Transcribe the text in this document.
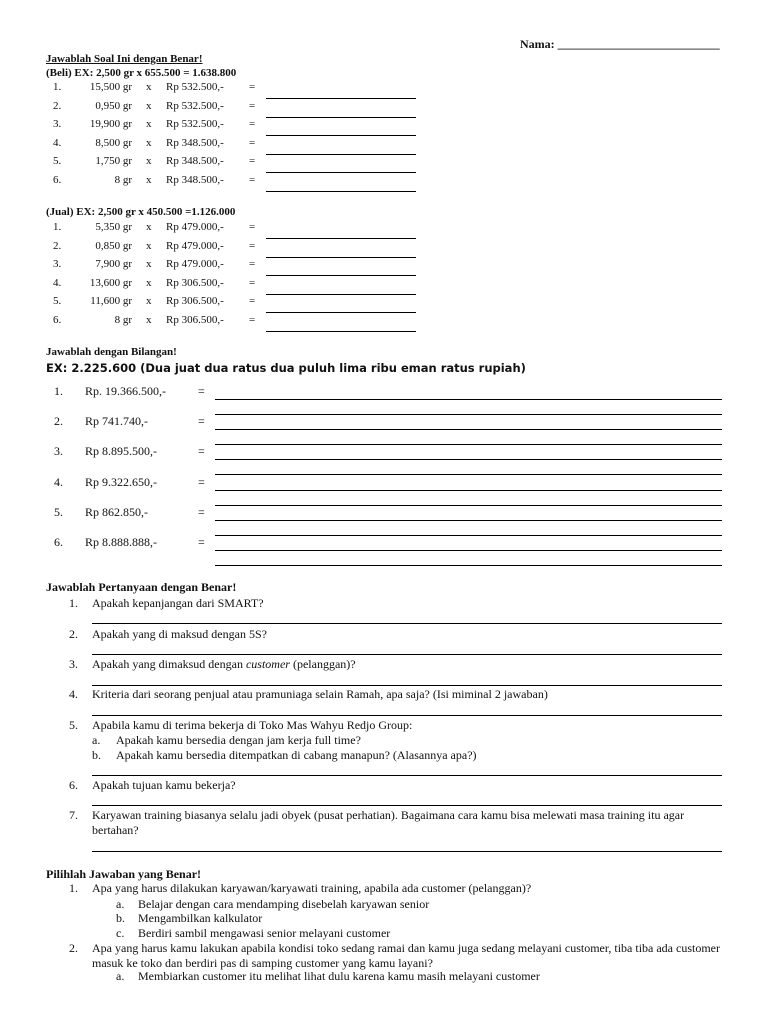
Nama: ___________________________
Jawablah Soal Ini dengan Benar!
(Beli) EX: 2,500 gr x 655.500 = 1.638.800
1.	15,500 gr x Rp 532.500,- =
2.	0,950 gr x Rp 532.500,- =
3.	19,900 gr x Rp 532.500,- =
4.	8,500 gr x Rp 348.500,- =
5.	1,750 gr x Rp 348.500,- =
6.	8 gr x Rp 348.500,- =
(Jual) EX: 2,500 gr x 450.500 =1.126.000
1.	5,350 gr x Rp 479.000,- =
2.	0,850 gr x Rp 479.000,- =
3.	7,900 gr x Rp 479.000,- =
4.	13,600 gr x Rp 306.500,- =
5.	11,600 gr x Rp 306.500,- =
6.	8 gr x Rp 306.500,- =
Jawablah dengan Bilangan!
EX: 2.225.600 (Dua juat dua ratus dua puluh lima ribu eman ratus rupiah)
1. Rp. 19.366.500,-	=
2. Rp 741.740,-	=
3. Rp 8.895.500,-	=
4. Rp 9.322.650,-	=
5. Rp 862.850,-	=
6. Rp 8.888.888,-	=
Jawablah Pertanyaan dengan Benar!
1. Apakah kepanjangan dari SMART?
2. Apakah yang di maksud dengan 5S?
3. Apakah yang dimaksud dengan customer (pelanggan)?
4. Kriteria dari seorang penjual atau pramuniaga selain Ramah, apa saja? (Isi miminal 2 jawaban)
5. Apabila kamu di terima bekerja di Toko Mas Wahyu Redjo Group:
a. Apakah kamu bersedia dengan jam kerja full time?
b. Apakah kamu bersedia ditempatkan di cabang manapun? (Alasannya apa?)
6. Apakah tujuan kamu bekerja?
7. Karyawan training biasanya selalu jadi obyek (pusat perhatian). Bagaimana cara kamu bisa melewati masa training itu agar bertahan?
Pilihlah Jawaban yang Benar!
1. Apa yang harus dilakukan karyawan/karyawati training, apabila ada customer (pelanggan)?
a. Belajar dengan cara mendamping disebelah karyawan senior
b. Mengambilkan kalkulator
c. Berdiri sambil mengawasi senior melayani customer
2. Apa yang harus kamu lakukan apabila kondisi toko sedang ramai dan kamu juga sedang melayani customer, tiba tiba ada customer masuk ke toko dan berdiri pas di samping customer yang kamu layani?
a. Membiarkan customer itu melihat lihat dulu karena kamu masih melayani customer
